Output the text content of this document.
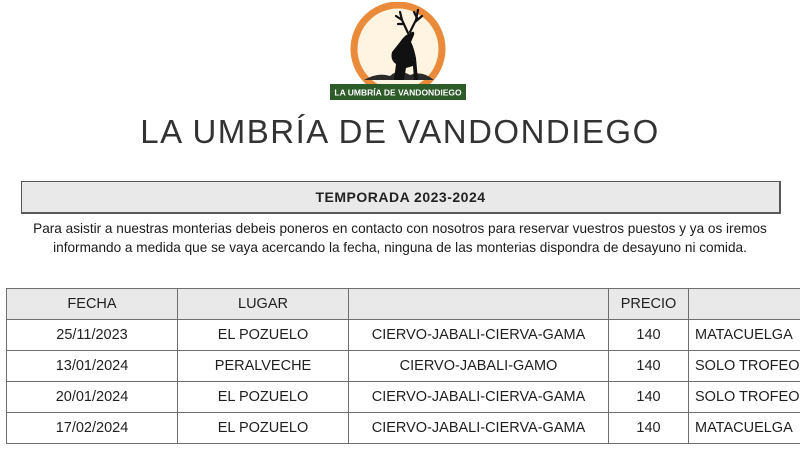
LA UMBRÍA DE VANDONDIEGO
LA UMBRÍA DE VANDONDIEGO
TEMPORADA 2023-2024
Para asistir a nuestras monterias debeis poneros en contacto con nosotros para reservar vuestros puestos y ya os iremos informando a medida que se vaya acercando la fecha, ninguna de las monterias dispondra de desayuno ni comida.
FECHA	LUGAR		PRECIO	
25/11/2023	EL POZUELO	CIERVO-JABALI-CIERVA-GAMA	140	MATACUELGA
13/01/2024	PERALVECHE	CIERVO-JABALI-GAMO	140	SOLO TROFEO
20/01/2024	EL POZUELO	CIERVO-JABALI-CIERVA-GAMA	140	SOLO TROFEO
17/02/2024	EL POZUELO	CIERVO-JABALI-CIERVA-GAMA	140	MATACUELGA
